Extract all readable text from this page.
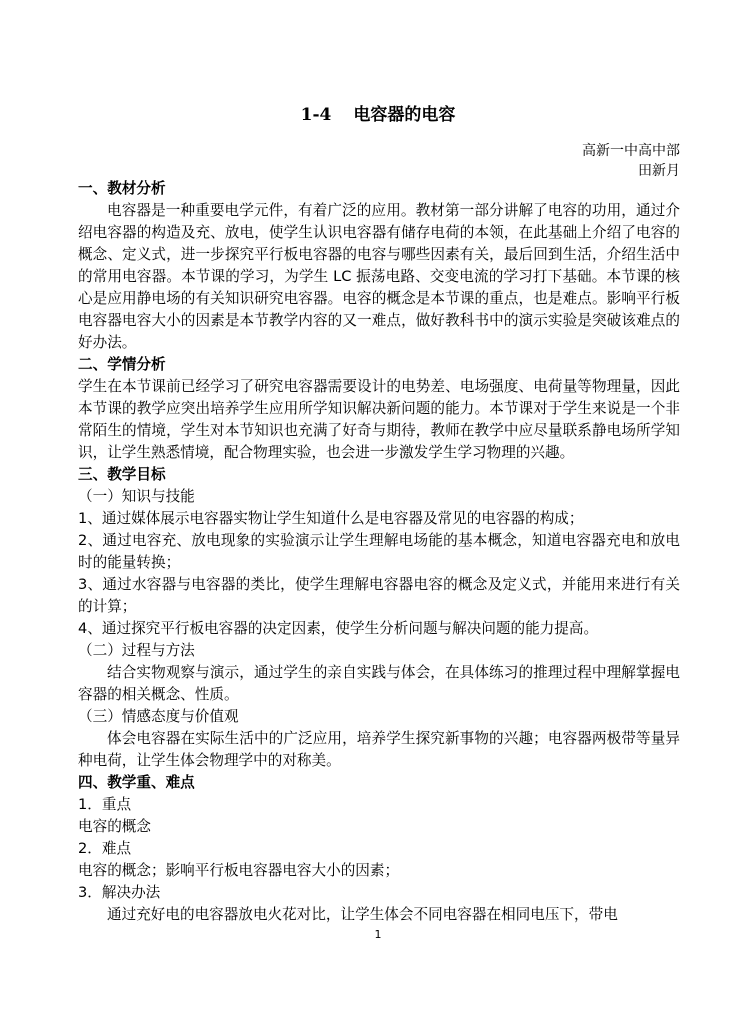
1-4 电容器的电容
高新一中高中部
田新月

一、教材分析

电容器是一种重要电学元件，有着广泛的应用。教材第一部分讲解了电容的功用，通过介绍电容器的构造及充、放电，使学生认识电容器有储存电荷的本领，在此基础上介绍了电容的概念、定义式，进一步探究平行板电容器的电容与哪些因素有关，最后回到生活，介绍生活中的常用电容器。本节课的学习，为学生 LC 振荡电路、交变电流的学习打下基础。本节课的核心是应用静电场的有关知识研究电容器。电容的概念是本节课的重点，也是难点。影响平行板电容器电容大小的因素是本节教学内容的又一难点，做好教科书中的演示实验是突破该难点的好办法。

二、学情分析

学生在本节课前已经学习了研究电容器需要设计的电势差、电场强度、电荷量等物理量，因此本节课的教学应突出培养学生应用所学知识解决新问题的能力。本节课对于学生来说是一个非常陌生的情境，学生对本节知识也充满了好奇与期待，教师在教学中应尽量联系静电场所学知识，让学生熟悉情境，配合物理实验，也会进一步激发学生学习物理的兴趣。

三、教学目标

（一）知识与技能

1、通过媒体展示电容器实物让学生知道什么是电容器及常见的电容器的构成；

2、通过电容充、放电现象的实验演示让学生理解电场能的基本概念，知道电容器充电和放电时的能量转换；

3、通过水容器与电容器的类比，使学生理解电容器电容的概念及定义式，并能用来进行有关的计算；

4、通过探究平行板电容器的决定因素，使学生分析问题与解决问题的能力提高。

（二）过程与方法

结合实物观察与演示，通过学生的亲自实践与体会，在具体练习的推理过程中理解掌握电容器的相关概念、性质。

（三）情感态度与价值观

体会电容器在实际生活中的广泛应用，培养学生探究新事物的兴趣；电容器两极带等量异种电荷，让学生体会物理学中的对称美。

四、教学重、难点

1．重点

电容的概念

2．难点

电容的概念；影响平行板电容器电容大小的因素；

3．解决办法

通过充好电的电容器放电火花对比，让学生体会不同电容器在相同电压下，带电

1
